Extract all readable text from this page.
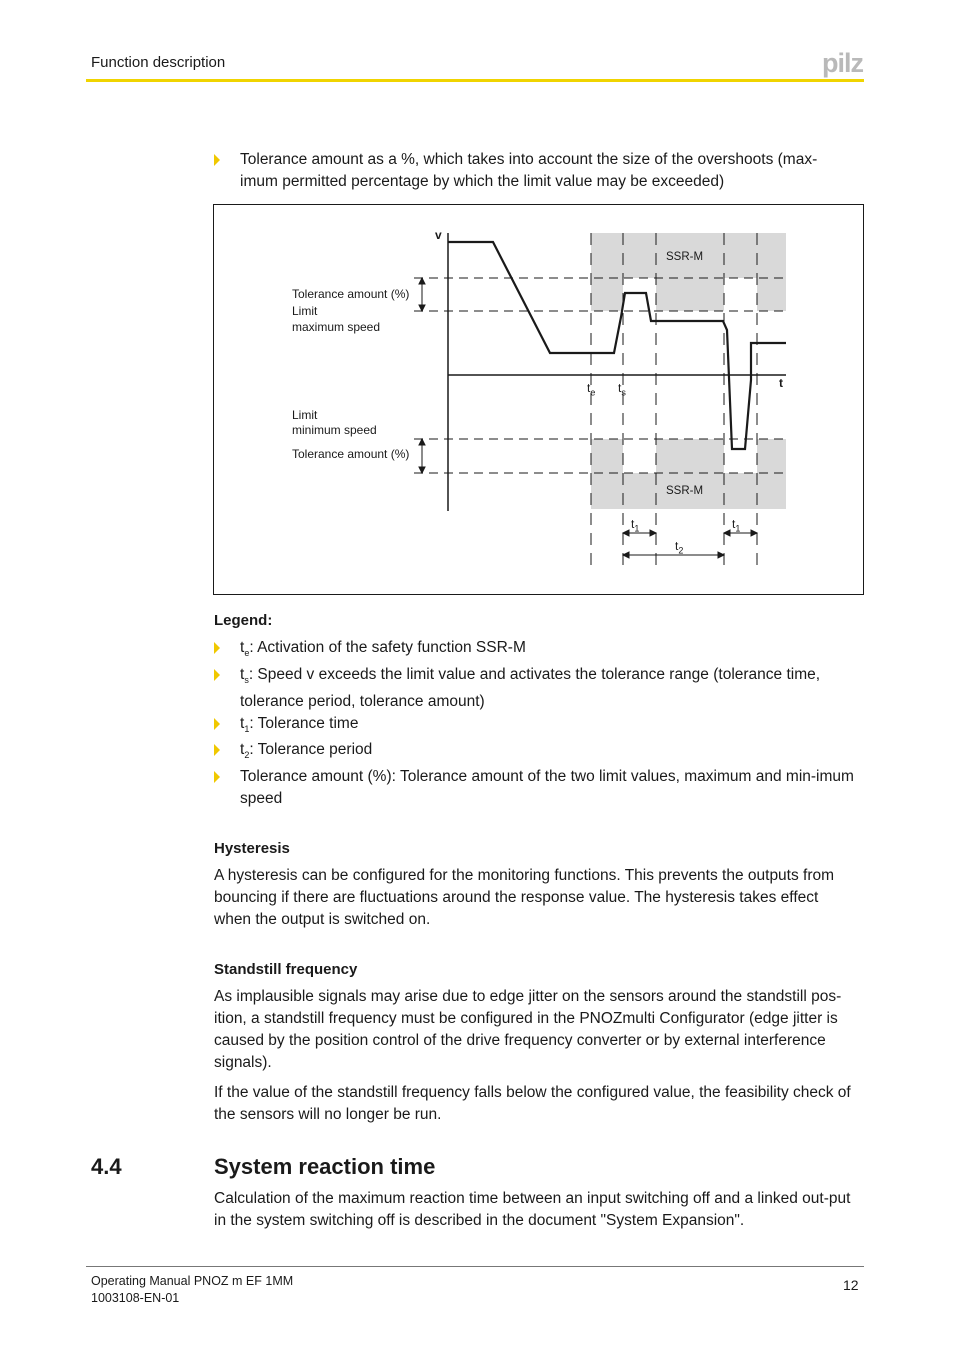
Function description	pilz
Tolerance amount as a %, which takes into account the size of the overshoots (max-imum permitted percentage by which the limit value may be exceeded)
v
t
SSR-M
SSR-M
Tolerance amount (%)
Limit
maximum speed
Limit
minimum speed
Tolerance amount (%)
$t_e$ $t_s$
$t_1$	$t_1$
$t_2$
Legend:
$t_e$: Activation of the safety function SSR-M
$t_s$: Speed v exceeds the limit value and activates the tolerance range (tolerance time, tolerance period, tolerance amount)
$t_1$: Tolerance time
$t_2$: Tolerance period
Tolerance amount (%): Tolerance amount of the two limit values, maximum and min-imum speed
Hysteresis
A hysteresis can be configured for the monitoring functions. This prevents the outputs from bouncing if there are fluctuations around the response value. The hysteresis takes effect when the output is switched on.
Standstill frequency
As implausible signals may arise due to edge jitter on the sensors around the standstill pos-ition, a standstill frequency must be configured in the PNOZmulti Configurator (edge jitter is caused by the position control of the drive frequency converter or by external interference signals).
If the value of the standstill frequency falls below the configured value, the feasibility check of the sensors will no longer be run.
4.4	System reaction time
Calculation of the maximum reaction time between an input switching off and a linked out-put in the system switching off is described in the document "System Expansion".
Operating Manual PNOZ m EF 1MM
1003108-EN-01
12
